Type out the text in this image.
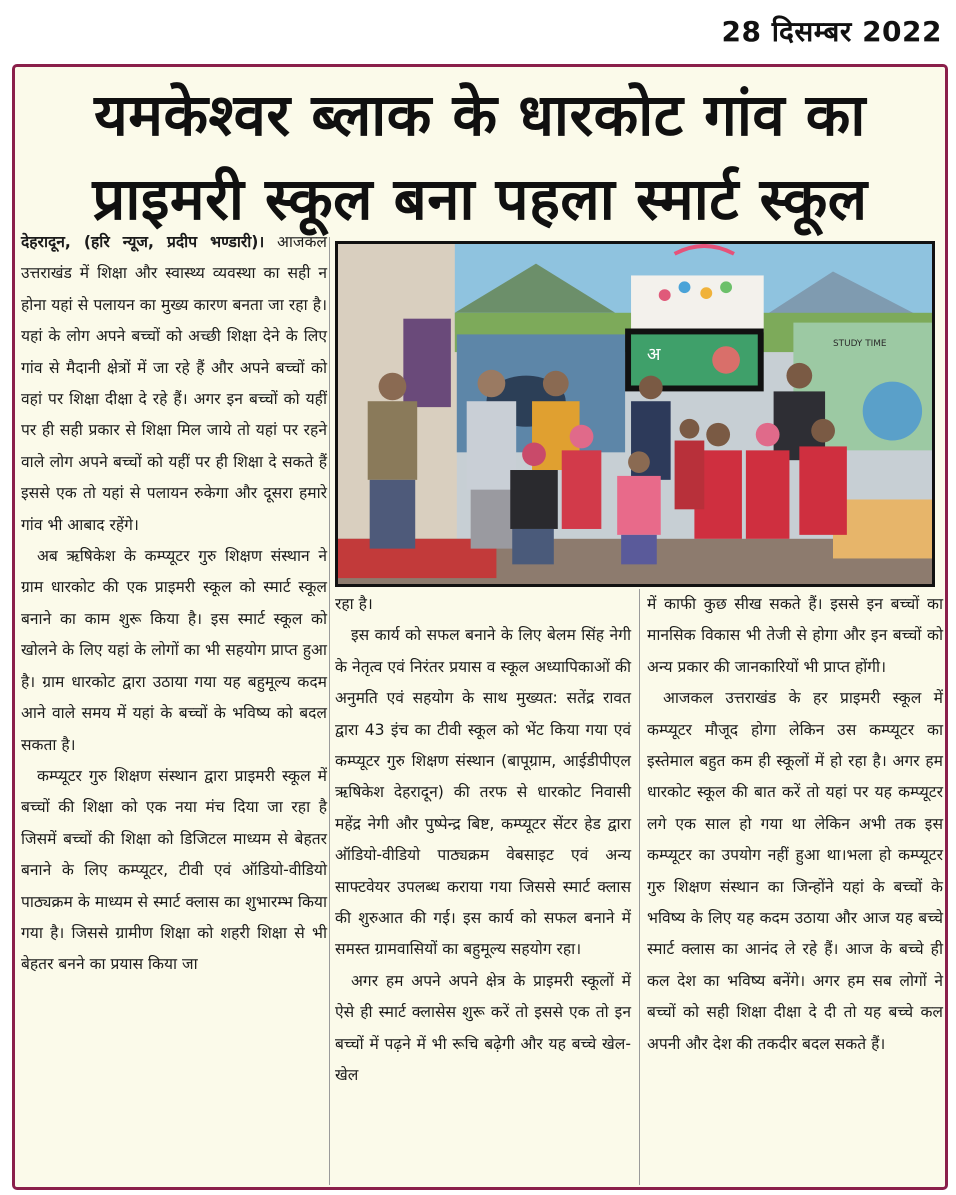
28 दिसम्बर 2022
यमकेश्वर ब्लाक के धारकोट गांव का
प्राइमरी स्कूल बना पहला स्मार्ट स्कूल

देहरादून, (हरि न्यूज, प्रदीप भण्डारी)। आजकल उत्तराखंड में शिक्षा और स्वास्थ्य व्यवस्था का सही न होना यहां से पलायन का मुख्य कारण बनता जा रहा है। यहां के लोग अपने बच्चों को अच्छी शिक्षा देने के लिए गांव से मैदानी क्षेत्रों में जा रहे हैं और अपने बच्चों को वहां पर शिक्षा दीक्षा दे रहे हैं। अगर इन बच्चों को यहीं पर ही सही प्रकार से शिक्षा मिल जाये तो यहां पर रहने वाले लोग अपने बच्चों को यहीं पर ही शिक्षा दे सकते हैं इससे एक तो यहां से पलायन रुकेगा और दूसरा हमारे गांव भी आबाद रहेंगे।

अब ऋषिकेश के कम्प्यूटर गुरु शिक्षण संस्थान ने ग्राम धारकोट की एक प्राइमरी स्कूल को स्मार्ट स्कूल बनाने का काम शुरू किया है। इस स्मार्ट स्कूल को खोलने के लिए यहां के लोगों का भी सहयोग प्राप्त हुआ है। ग्राम धारकोट द्वारा उठाया गया यह बहुमूल्य कदम आने वाले समय में यहां के बच्चों के भविष्य को बदल सकता है।

कम्प्यूटर गुरु शिक्षण संस्थान द्वारा प्राइमरी स्कूल में बच्चों की शिक्षा को एक नया मंच दिया जा रहा है जिसमें बच्चों की शिक्षा को डिजिटल माध्यम से बेहतर बनाने के लिए कम्प्यूटर, टीवी एवं ऑडियो-वीडियो पाठ्यक्रम के माध्यम से स्मार्ट क्लास का शुभारम्भ किया गया है। जिससे ग्रामीण शिक्षा को शहरी शिक्षा से भी बेहतर बनने का प्रयास किया जा

अ
STUDY TIME

रहा है।

इस कार्य को सफल बनाने के लिए बेलम सिंह नेगी के नेतृत्व एवं निरंतर प्रयास व स्कूल अध्यापिकाओं की अनुमति एवं सहयोग के साथ मुख्यत: सतेंद्र रावत द्वारा 43 इंच का टीवी स्कूल को भेंट किया गया एवं कम्प्यूटर गुरु शिक्षण संस्थान (बापूग्राम, आईडीपीएल ऋषिकेश देहरादून) की तरफ से धारकोट निवासी महेंद्र नेगी और पुष्पेन्द्र बिष्ट, कम्प्यूटर सेंटर हेड द्वारा ऑडियो-वीडियो पाठ्यक्रम वेबसाइट एवं अन्य साफ्टवेयर उपलब्ध कराया गया जिससे स्मार्ट क्लास की शुरुआत की गई। इस कार्य को सफल बनाने में समस्त ग्रामवासियों का बहुमूल्य सहयोग रहा।

अगर हम अपने अपने क्षेत्र के प्राइमरी स्कूलों में ऐसे ही स्मार्ट क्लासेस शुरू करें तो इससे एक तो इन बच्चों में पढ़ने में भी रूचि बढ़ेगी और यह बच्चे खेल-खेल

में काफी कुछ सीख सकते हैं। इससे इन बच्चों का मानसिक विकास भी तेजी से होगा और इन बच्चों को अन्य प्रकार की जानकारियों भी प्राप्त होंगी।

आजकल उत्तराखंड के हर प्राइमरी स्कूल में कम्प्यूटर मौजूद होगा लेकिन उस कम्प्यूटर का इस्तेमाल बहुत कम ही स्कूलों में हो रहा है। अगर हम धारकोट स्कूल की बात करें तो यहां पर यह कम्प्यूटर लगे एक साल हो गया था लेकिन अभी तक इस कम्प्यूटर का उपयोग नहीं हुआ था।भला हो कम्प्यूटर गुरु शिक्षण संस्थान का जिन्होंने यहां के बच्चों के भविष्य के लिए यह कदम उठाया और आज यह बच्चे स्मार्ट क्लास का आनंद ले रहे हैं। आज के बच्चे ही कल देश का भविष्य बनेंगे। अगर हम सब लोगों ने बच्चों को सही शिक्षा दीक्षा दे दी तो यह बच्चे कल अपनी और देश की तकदीर बदल सकते हैं।
